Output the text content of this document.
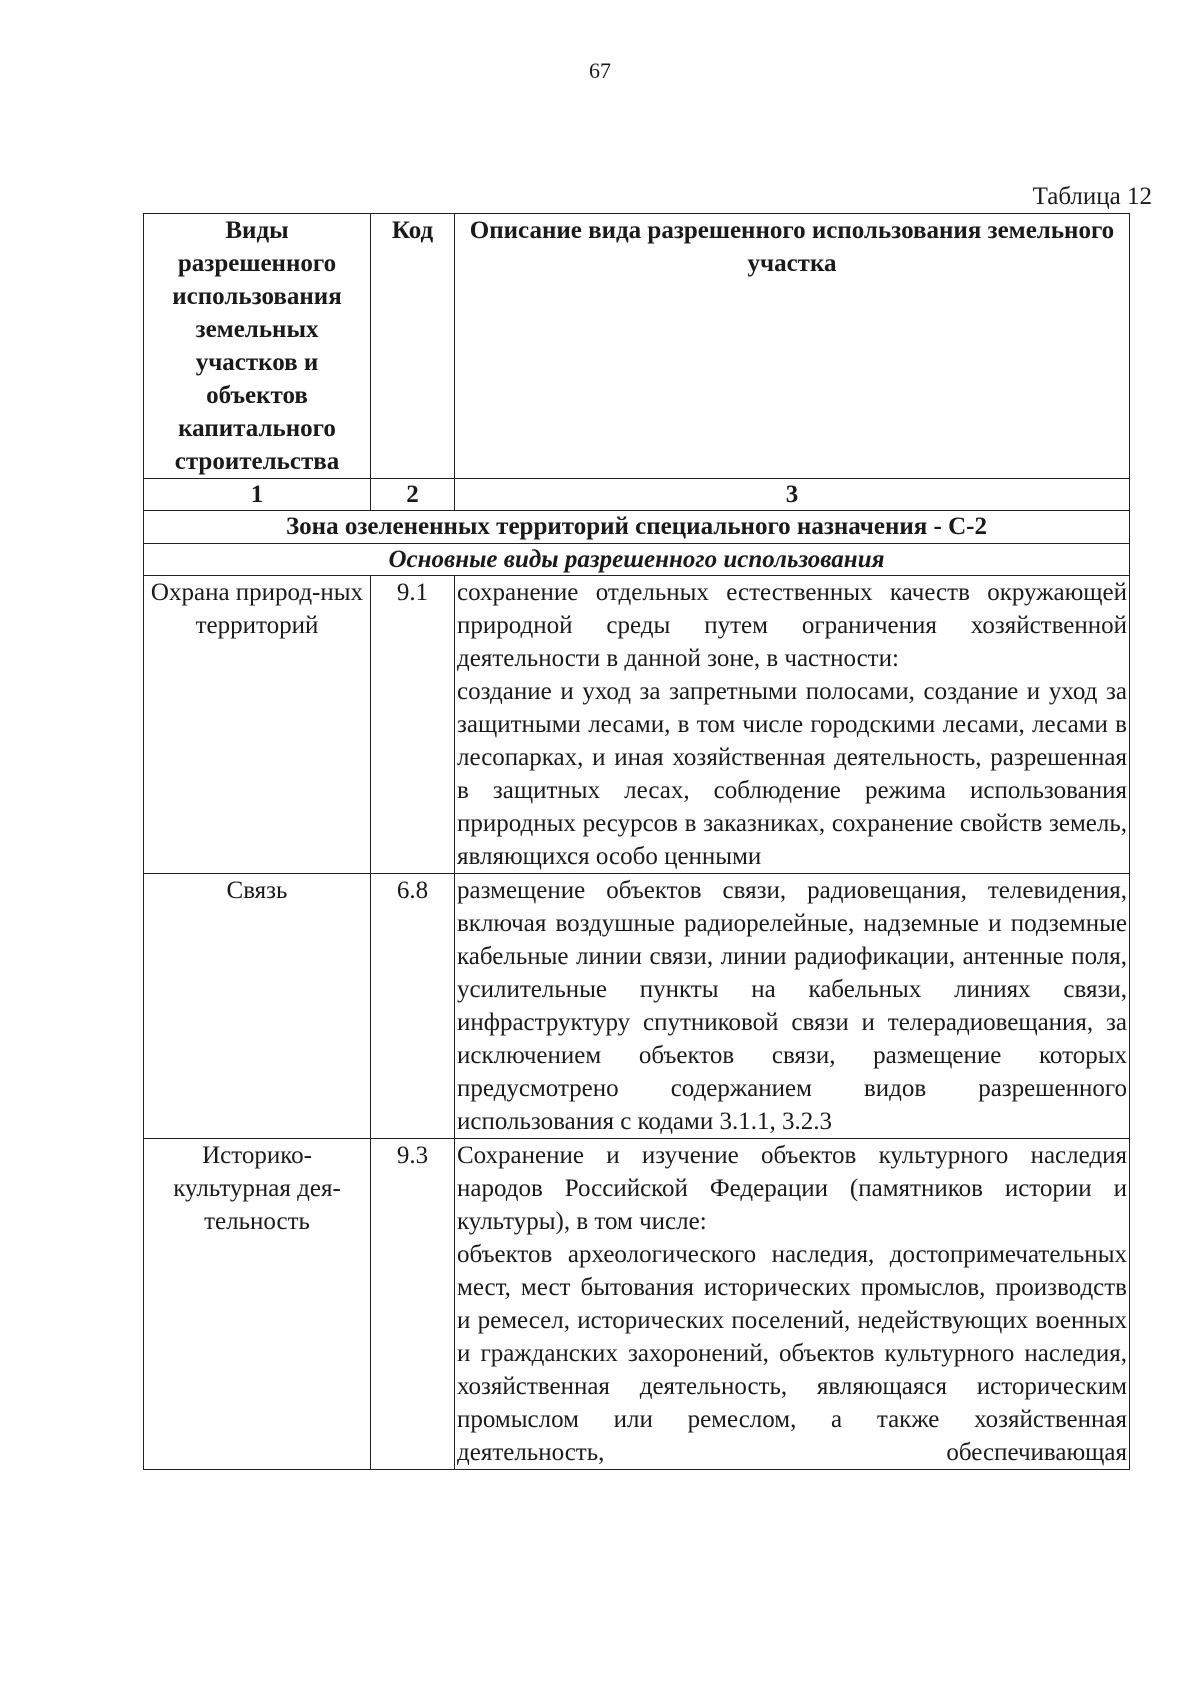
67
Таблица 12
Виды разрешенного использования земельных участков и объектов капитального строительства	Код	Описание вида разрешенного использования земельного участка
1	2	3
Зона озелененных территорий специального назначения - С-2		
Основные виды разрешенного использования		
Охрана природ-ных территорий	9.1	сохранение отдельных естественных качеств окружающей природной среды путем ограничения хозяйственной деятельности в данной зоне, в частности:

создание и уход за запретными полосами, создание и уход за защитными лесами, в том числе городскими лесами, лесами в лесопарках, и иная хозяйственная деятельность, разрешенная в защитных лесах, соблюдение режима использования природных ресурсов в заказниках, сохранение свойств земель, являющихся особо ценными

Связь	6.8	размещение объектов связи, радиовещания, телевидения, включая воздушные радиорелейные, надземные и подземные кабельные линии связи, линии радиофикации, антенные поля, усилительные пункты на кабельных линиях связи, инфраструктуру спутниковой связи и телерадиовещания, за исключением объектов связи, размещение которых предусмотрено содержанием видов разрешенного использования с кодами 3.1.1, 3.2.3

Историко-культурная дея-тельность	9.3	Сохранение и изучение объектов культурного наследия народов Российской Федерации (памятников истории и культуры), в том числе:

объектов археологического наследия, достопримечательных мест, мест бытования исторических промыслов, производств и ремесел, исторических поселений, недействующих военных и гражданских захоронений, объектов культурного наследия, хозяйственная деятельность, являющаяся историческим промыслом или ремеслом, а также хозяйственная деятельность, обеспечивающая
